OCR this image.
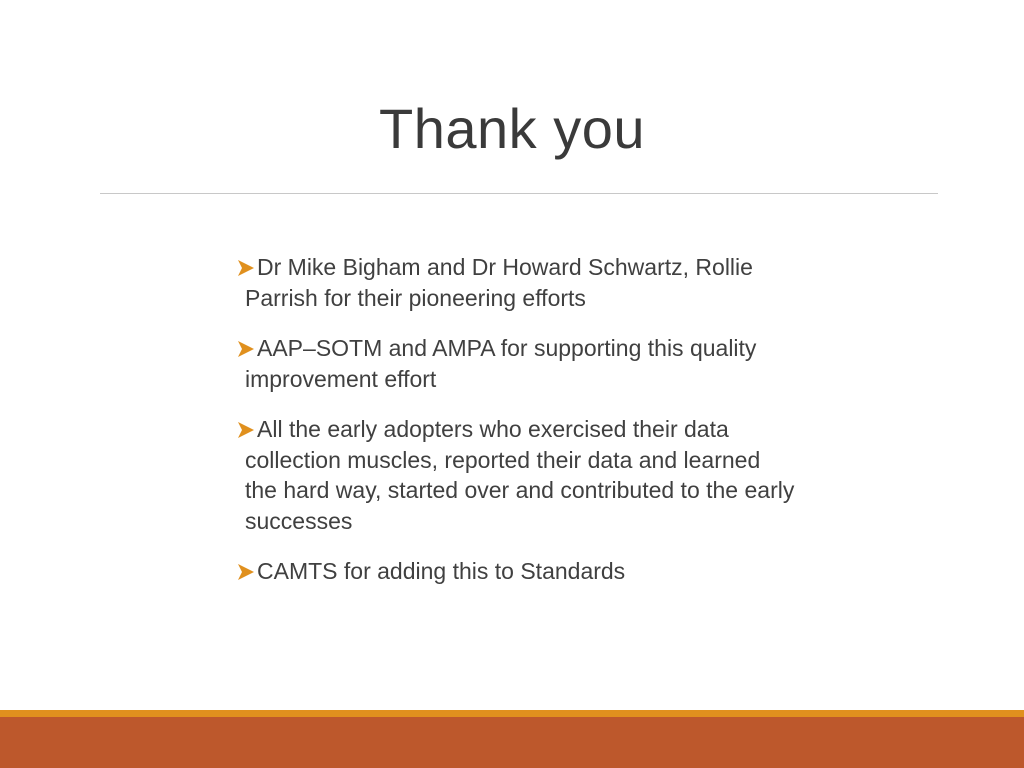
Thank you
Dr Mike Bigham and Dr Howard Schwartz, Rollie Parrish for their pioneering efforts
AAP–SOTM and AMPA for supporting this quality improvement effort
All the early adopters who exercised their data collection muscles, reported their data and learned the hard way, started over and contributed to the early successes
CAMTS for adding this to Standards
